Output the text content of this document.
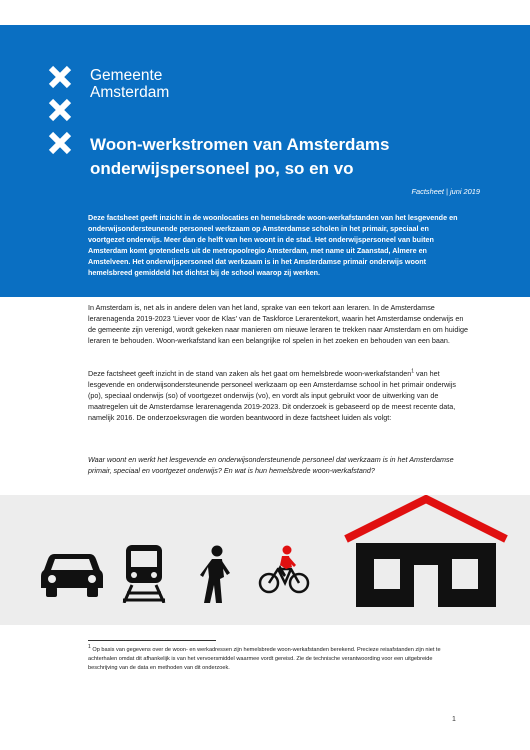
Gemeente
Amsterdam
Woon-werkstromen van Amsterdams
onderwijspersoneel po, so en vo
Factsheet | juni 2019
Deze factsheet geeft inzicht in de woonlocaties en hemelsbrede woon-werkafstanden van het lesgevende en onderwijsondersteunende personeel werkzaam op Amsterdamse scholen in het primair, speciaal en voortgezet onderwijs. Meer dan de helft van hen woont in de stad. Het onderwijspersoneel van buiten Amsterdam komt grotendeels uit de metropoolregio Amsterdam, met name uit Zaanstad, Almere en Amstelveen. Het onderwijspersoneel dat werkzaam is in het Amsterdamse primair onderwijs woont hemelsbreed gemiddeld het dichtst bij de school waarop zij werken.
In Amsterdam is, net als in andere delen van het land, sprake van een tekort aan leraren. In de Amsterdamse lerarenagenda 2019-2023 'Liever voor de Klas' van de Taskforce Lerarentekort, waarin het Amsterdamse onderwijs en de gemeente zijn verenigd, wordt gekeken naar manieren om nieuwe leraren te trekken naar Amsterdam en om huidige leraren te behouden. Woon-werkafstand kan een belangrijke rol spelen in het zoeken en behouden van een baan.
Deze factsheet geeft inzicht in de stand van zaken als het gaat om hemelsbrede woon-werkafstanden$^1$ van het lesgevende en onderwijsondersteunende personeel werkzaam op een Amsterdamse school in het primair onderwijs (po), speciaal onderwijs (so) of voortgezet onderwijs (vo), en vordt als input gebruikt voor de uitwerking van de maatregelen uit de Amsterdamse lerarenagenda 2019-2023. Dit onderzoek is gebaseerd op de meest recente data, namelijk 2016. De onderzoeksvragen die worden beantwoord in deze factsheet luiden als volgt:
Waar woont en werkt het lesgevende en onderwijsondersteunende personeel dat werkzaam is in het Amsterdamse primair, speciaal en voortgezet onderwijs? En wat is hun hemelsbrede woon-werkafstand?
$^1$ Op basis van gegevens over de woon- en werkadressen zijn hemelsbrede woon-werkafstanden berekend. Precieze reisafstanden zijn niet te achterhalen omdat dit afhankelijk is van het vervoersmiddel waarmee vordt gereisd. Zie de technische verantwoording voor een uitgebreide beschrijving van de data en methoden van dit onderzoek.
1
